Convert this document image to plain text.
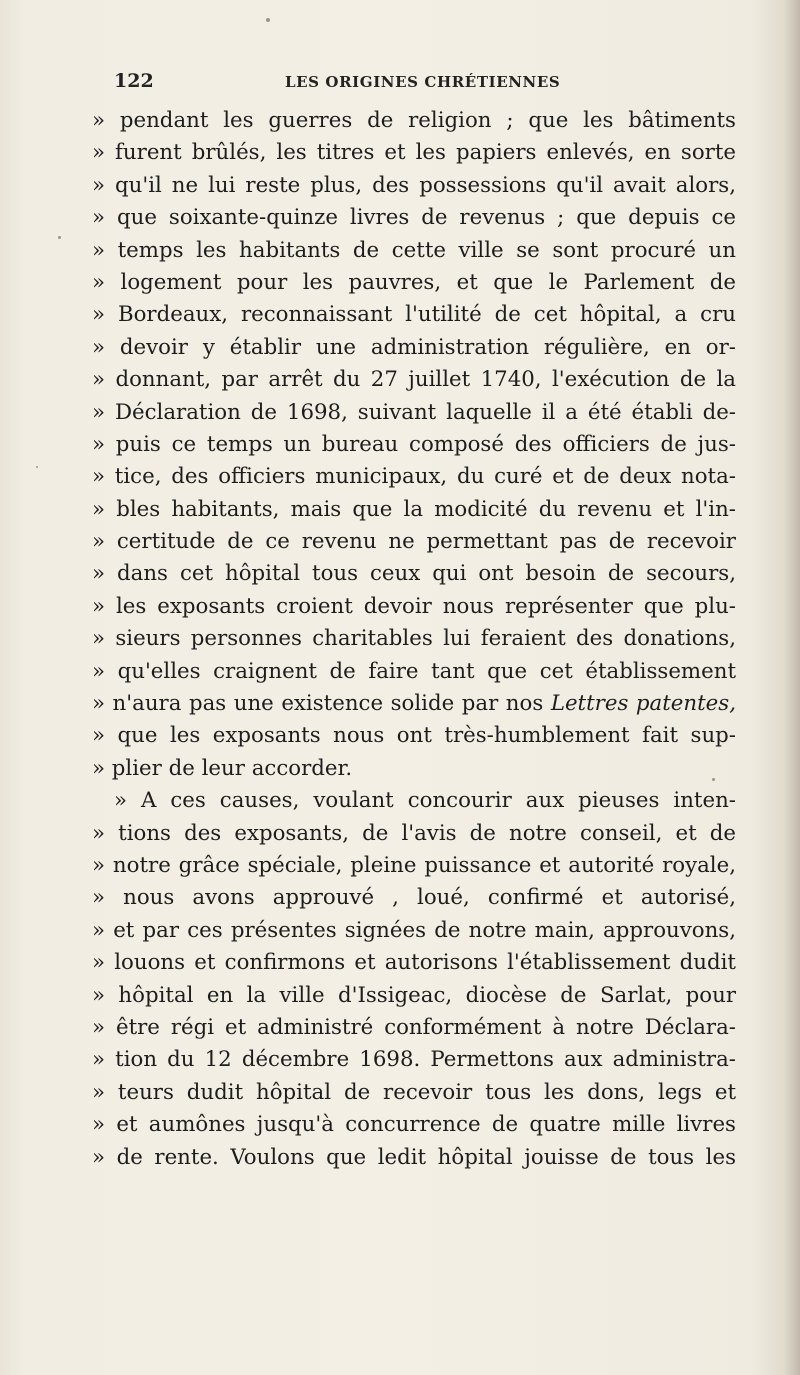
122	LES ORIGINES CHRÉTIENNES
» pendant les guerres de religion ; que les bâtiments
» furent brûlés, les titres et les papiers enlevés, en sorte
» qu'il ne lui reste plus, des possessions qu'il avait alors,
» que soixante-quinze livres de revenus ; que depuis ce
» temps les habitants de cette ville se sont procuré un
» logement pour les pauvres, et que le Parlement de
» Bordeaux, reconnaissant l'utilité de cet hôpital, a cru
» devoir y établir une administration régulière, en or-
» donnant, par arrêt du 27 juillet 1740, l'exécution de la
» Déclaration de 1698, suivant laquelle il a été établi de-
» puis ce temps un bureau composé des officiers de jus-
» tice, des officiers municipaux, du curé et de deux nota-
» bles habitants, mais que la modicité du revenu et l'in-
» certitude de ce revenu ne permettant pas de recevoir
» dans cet hôpital tous ceux qui ont besoin de secours,
» les exposants croient devoir nous représenter que plu-
» sieurs personnes charitables lui feraient des donations,
» qu'elles craignent de faire tant que cet établissement
» n'aura pas une existence solide par nos Lettres patentes,
» que les exposants nous ont très-humblement fait sup-
» plier de leur accorder.
» A ces causes, voulant concourir aux pieuses inten-
» tions des exposants, de l'avis de notre conseil, et de
» notre grâce spéciale, pleine puissance et autorité royale,
» nous avons approuvé , loué, confirmé et autorisé,
» et par ces présentes signées de notre main, approuvons,
» louons et confirmons et autorisons l'établissement dudit
» hôpital en la ville d'Issigeac, diocèse de Sarlat, pour
» être régi et administré conformément à notre Déclara-
» tion du 12 décembre 1698. Permettons aux administra-
» teurs dudit hôpital de recevoir tous les dons, legs et
» et aumônes jusqu'à concurrence de quatre mille livres
» de rente. Voulons que ledit hôpital jouisse de tous les
